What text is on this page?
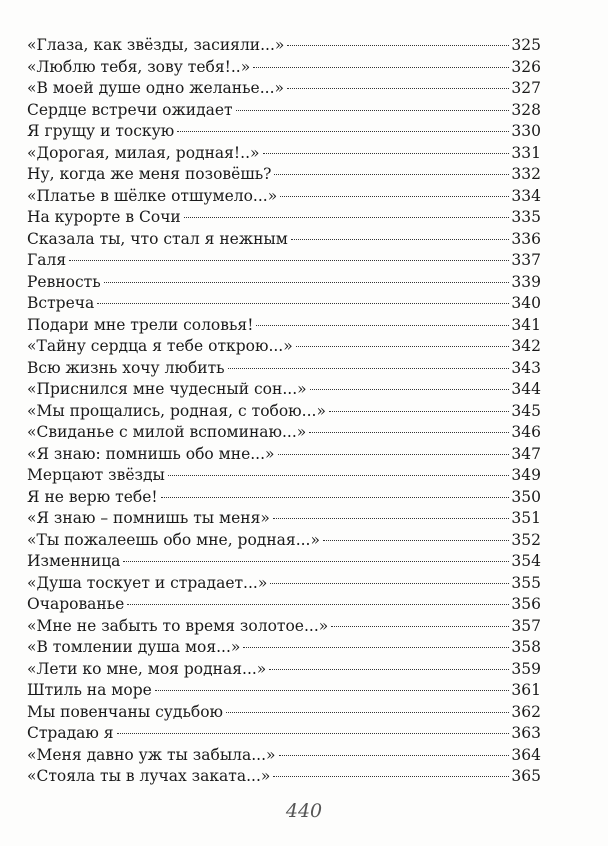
«Глаза, как звёзды, засияли...»	325
«Люблю тебя, зову тебя!..»	326
«В моей душе одно желанье...»	327
Сердце встречи ожидает	328
Я грущу и тоскую	330
«Дорогая, милая, родная!..»	331
Ну, когда же меня позовёшь?	332
«Платье в шёлке отшумело...»	334
На курорте в Сочи	335
Сказала ты, что стал я нежным	336
Галя	337
Ревность	339
Встреча	340
Подари мне трели соловья!	341
«Тайну сердца я тебе открою...»	342
Всю жизнь хочу любить	343
«Приснился мне чудесный сон...»	344
«Мы прощались, родная, с тобою...»	345
«Свиданье с милой вспоминаю...»	346
«Я знаю: помнишь обо мне...»	347
Мерцают звёзды	349
Я не верю тебе!	350
«Я знаю – помнишь ты меня»	351
«Ты пожалеешь обо мне, родная...»	352
Изменница	354
«Душа тоскует и страдает...»	355
Очарованье	356
«Мне не забыть то время золотое...»	357
«В томлении душа моя...»	358
«Лети ко мне, моя родная...»	359
Штиль на море	361
Мы повенчаны судьбою	362
Страдаю я	363
«Меня давно уж ты забыла...»	364
«Стояла ты в лучах заката...»	365
440
